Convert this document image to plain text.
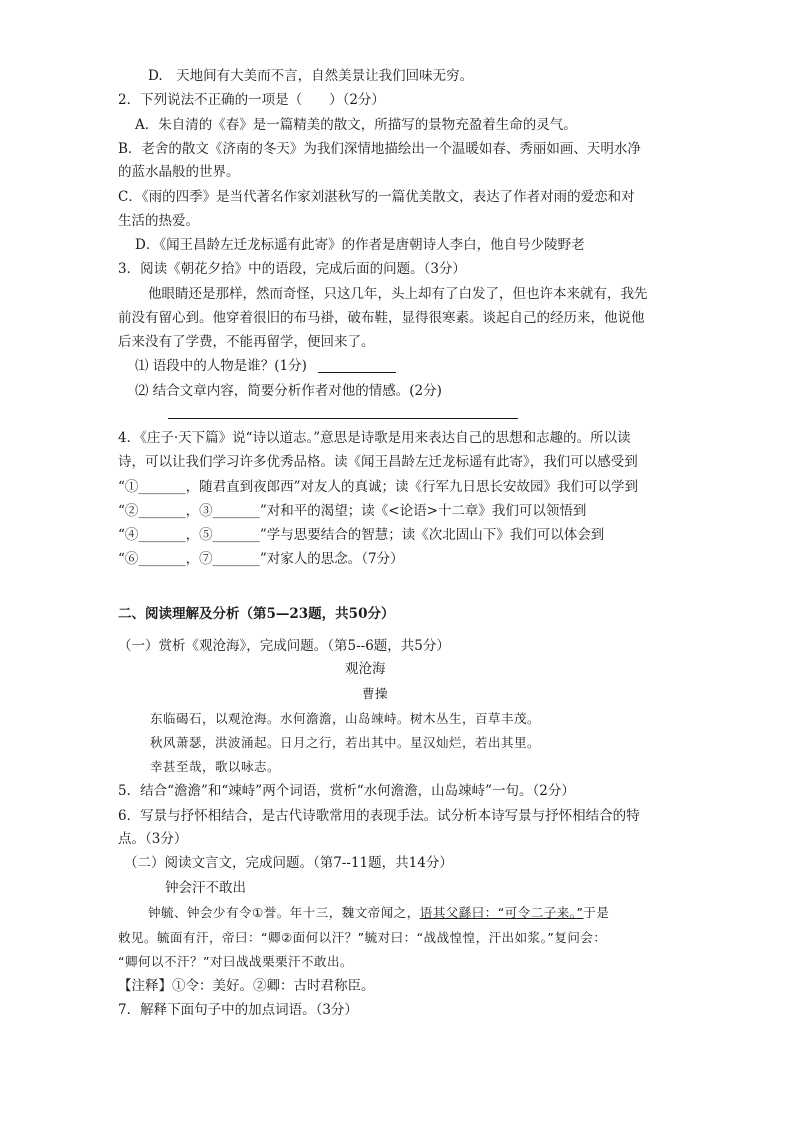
D.　天地间有大美而不言，自然美景让我们回味无穷。
2．下列说法不正确的一项是（　　）（2分）
A．朱自清的《春》是一篇精美的散文，所描写的景物充盈着生命的灵气。
B．老舍的散文《济南的冬天》为我们深情地描绘出一个温暖如春、秀丽如画、天明水净
的蓝水晶般的世界。
C．《雨的四季》是当代著名作家刘湛秋写的一篇优美散文，表达了作者对雨的爱恋和对
生活的热爱。
D．《闻王昌龄左迁龙标遥有此寄》的作者是唐朝诗人李白，他自号少陵野老
3．阅读《朝花夕拾》中的语段，完成后面的问题。（3分）
他眼睛还是那样，然而奇怪，只这几年，头上却有了白发了，但也许本来就有，我先
前没有留心到。他穿着很旧的布马褂，破布鞋，显得很寒素。谈起自己的经历来，他说他
后来没有了学费，不能再留学，便回来了。
⑴ 语段中的人物是谁？(1分)
⑵ 结合文章内容，简要分析作者对他的情感。(2分)
4．《庄子·天下篇》说“诗以道志。”意思是诗歌是用来表达自己的思想和志趣的。所以读
诗，可以让我们学习许多优秀品格。读《闻王昌龄左迁龙标遥有此寄》，我们可以感受到
“①_______，随君直到夜郎西”对友人的真诚；读《行军九日思长安故园》我们可以学到
“②_______，③_______”对和平的渴望；读《<论语>十二章》我们可以领悟到
“④_______，⑤_______”学与思要结合的智慧；读《次北固山下》我们可以体会到
“⑥_______，⑦_______”对家人的思念。（7分）
二、阅读理解及分析（第5—23题，共50分）
（一）赏析《观沧海》，完成问题。（第5--6题，共5分）
观沧海
曹操
东临碣石，以观沧海。水何澹澹，山岛竦峙。树木丛生，百草丰茂。
秋风萧瑟，洪波涌起。日月之行，若出其中。星汉灿烂，若出其里。
幸甚至哉，歌以咏志。
5．结合“澹澹”和“竦峙”两个词语，赏析“水何澹澹，山岛竦峙”一句。（2分）
6．写景与抒怀相结合，是古代诗歌常用的表现手法。试分析本诗写景与抒怀相结合的特
点。（3分）
（二）阅读文言文，完成问题。（第7--11题，共14分）
钟会汗不敢出
钟毓、钟会少有令①誉。年十三，魏文帝闻之，语其父繇曰：“可令二子来。”于是
敕见。毓面有汗，帝曰：“卿②面何以汗？”毓对曰：“战战惶惶，汗出如浆。”复问会：
“卿何以不汗？”对曰战战栗栗汗不敢出。
【注释】①令：美好。②卿：古时君称臣。
7．解释下面句子中的加点词语。（3分）
